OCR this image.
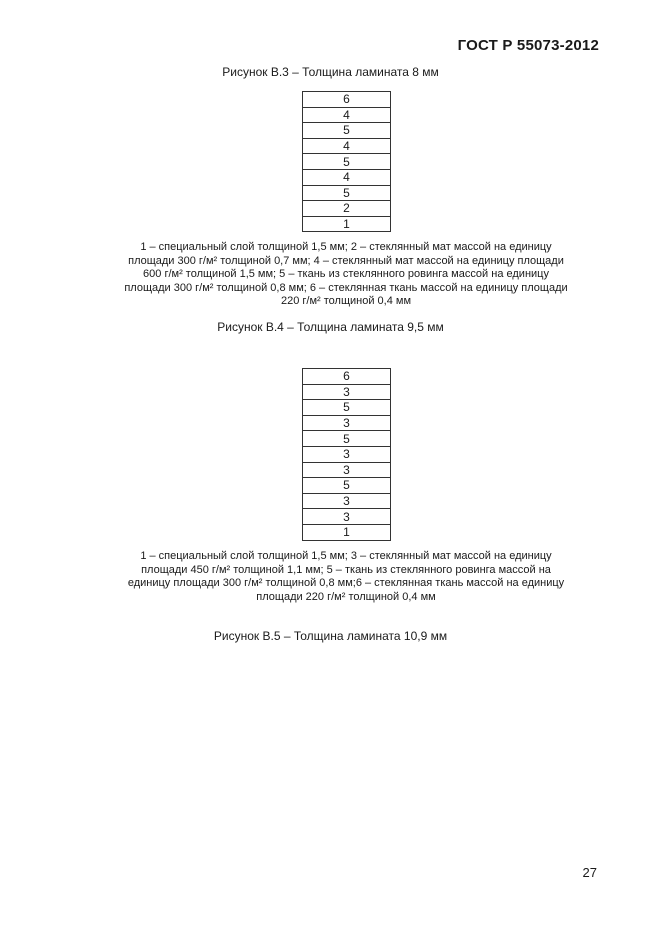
ГОСТ Р 55073-2012
Рисунок В.3 – Толщина ламината 8 мм
6
4
5
4
5
4
5
2
1
1 – специальный слой толщиной 1,5 мм; 2 – стеклянный мат массой на единицу
площади 300 г/м² толщиной 0,7 мм; 4 – стеклянный мат массой на единицу площади
600 г/м² толщиной 1,5 мм; 5 – ткань из стеклянного ровинга массой на единицу
площади 300 г/м² толщиной 0,8 мм; 6 – стеклянная ткань массой на единицу площади
220 г/м² толщиной 0,4 мм
Рисунок В.4 – Толщина ламината 9,5 мм
6
3
5
3
5
3
3
5
3
3
1
1 – специальный слой толщиной 1,5 мм; 3 – стеклянный мат массой на единицу
площади 450 г/м² толщиной 1,1 мм; 5 – ткань из стеклянного ровинга массой на
единицу площади 300 г/м² толщиной 0,8 мм;6 – стеклянная ткань массой на единицу
площади 220 г/м² толщиной 0,4 мм
Рисунок В.5 – Толщина ламината 10,9 мм
27
